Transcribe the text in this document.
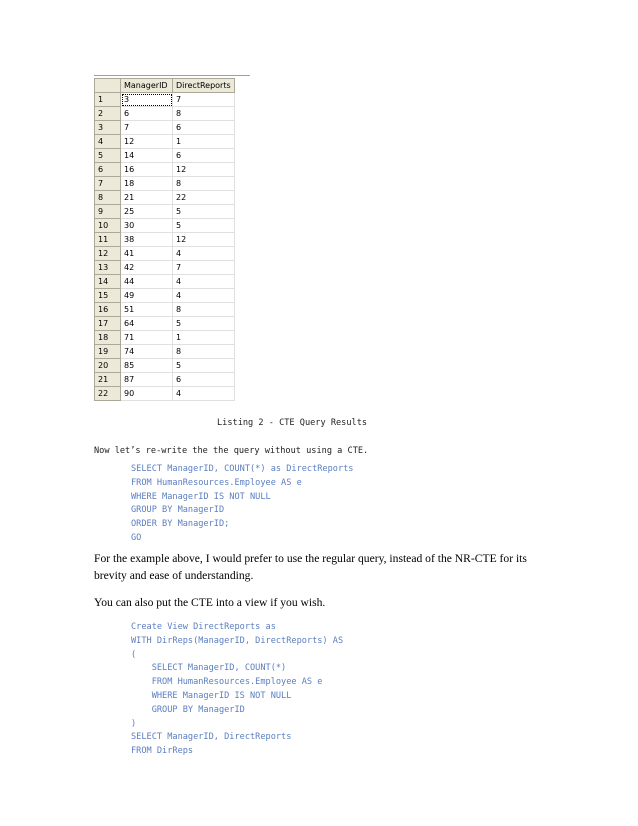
	ManagerID	DirectReports
1	3	7
2	6	8
3	7	6
4	12	1
5	14	6
6	16	12
7	18	8
8	21	22
9	25	5
10	30	5
11	38	12
12	41	4
13	42	7
14	44	4
15	49	4
16	51	8
17	64	5
18	71	1
19	74	8
20	85	5
21	87	6
22	90	4
Listing 2 - CTE Query Results
Now let’s re-write the the query without using a CTE.
SELECT ManagerID, COUNT(*) as DirectReports
FROM HumanResources.Employee AS e
WHERE ManagerID IS NOT NULL
GROUP BY ManagerID
ORDER BY ManagerID;
GO
For the example above, I would prefer to use the regular query, instead of the NR-CTE for its brevity and ease of understanding.
You can also put the CTE into a view if you wish.
Create View DirectReports as
WITH DirReps(ManagerID, DirectReports) AS
(
SELECT ManagerID, COUNT(*)
FROM HumanResources.Employee AS e
WHERE ManagerID IS NOT NULL
GROUP BY ManagerID
)
SELECT ManagerID, DirectReports
FROM DirReps
